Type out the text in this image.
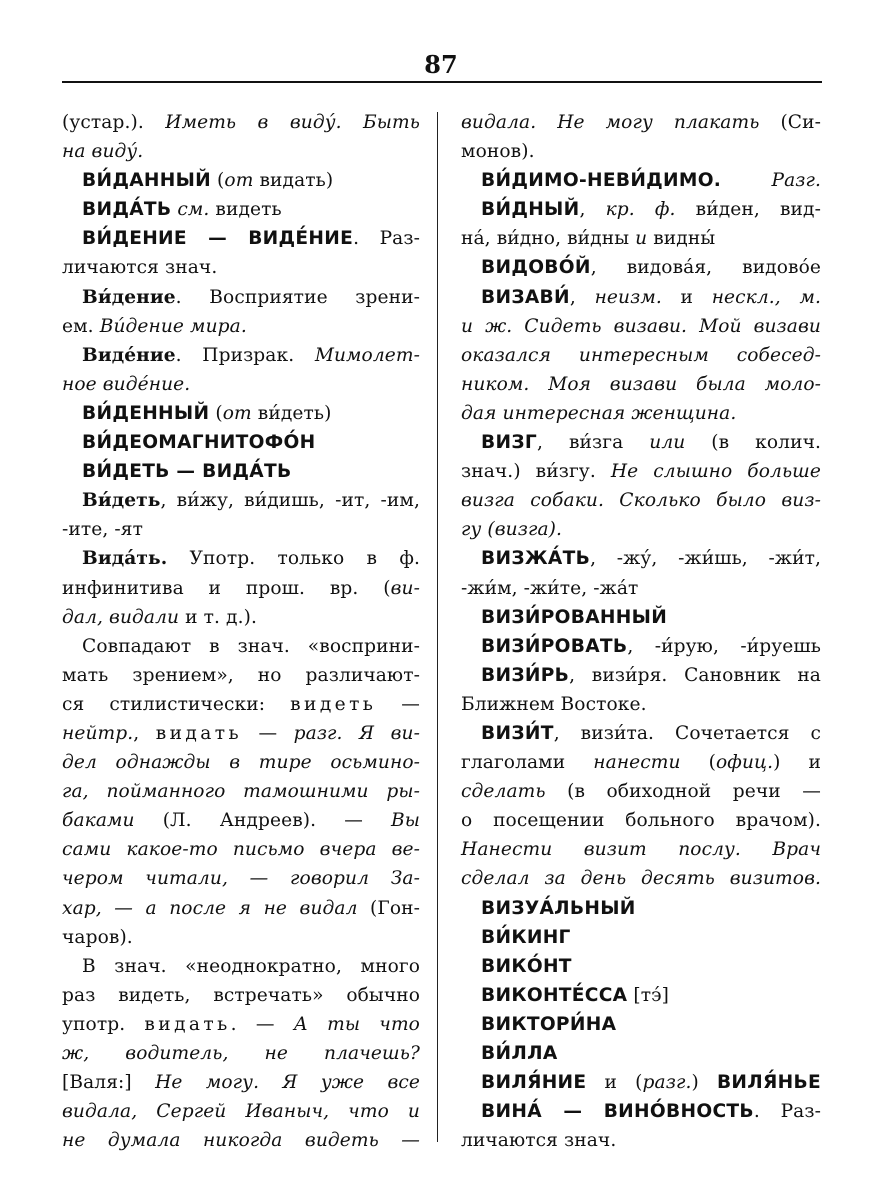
87
(устар.). Иметь в виду́. Быть
на виду́.
ВИ́ДАННЫЙ (от видать)
ВИДА́ТЬ см. видеть
ВИ́ДЕНИЕ — ВИДЕ́НИЕ. Раз-
личаются знач.
Ви́дение. Восприятие зрени-
ем. Ви́дение мира.
Виде́ние. Призрак. Мимолет-
ное виде́ние.
ВИ́ДЕННЫЙ (от ви́деть)
ВИ́ДЕОМАГНИТОФО́Н
ВИ́ДЕТЬ — ВИДА́ТЬ
Ви́деть, ви́жу, ви́дишь, -ит, -им,
-ите, -ят
Вида́ть. Употр. только в ф.
инфинитива и прош. вр. (ви-
дал, видали и т. д.).
Совпадают в знач. «восприни-
мать зрением», но различают-
ся стилистически: видеть —
нейтр., видать — разг. Я ви-
дел однажды в тире осьмино-
га, пойманного тамошними ры-
баками (Л. Андреев). — Вы
сами какое-то письмо вчера ве-
чером читали, — говорил За-
хар, — а после я не видал (Гон-
чаров).
В знач. «неоднократно, много
раз видеть, встречать» обычно
употр. видать. — А ты что
ж, водитель, не плачешь?
[Валя:] Не могу. Я уже все
видала, Сергей Иваныч, что и
не думала никогда видеть —
видала. Не могу плакать (Си-
монов).
ВИ́ДИМО-НЕВИ́ДИМО.	Разг.
ВИ́ДНЫЙ, кр. ф. ви́ден, вид-
на́, ви́дно, ви́дны и видны́
ВИДОВО́Й, видова́я, видово́е
ВИЗАВИ́, неизм. и нескл., м.
и ж. Сидеть визави. Мой визави
оказался интересным собесед-
ником. Моя визави была моло-
дая интересная женщина.
ВИЗГ, ви́зга или (в колич.
знач.) ви́згу. Не слышно больше
визга собаки. Сколько было виз-
гу (визга).
ВИЗЖА́ТЬ, -жу́, -жи́шь, -жи́т,
-жи́м, -жи́те, -жа́т
ВИЗИ́РОВАННЫЙ
ВИЗИ́РОВАТЬ, -и́рую, -и́руешь
ВИЗИ́РЬ, визи́ря. Сановник на
Ближнем Востоке.
ВИЗИ́Т, визи́та. Сочетается с
глаголами нанести (офиц.) и
сделать (в обиходной речи —
о посещении больного врачом).
Нанести визит послу. Врач
сделал за день десять визитов.
ВИЗУА́ЛЬНЫЙ
ВИ́КИНГ
ВИКО́НТ
ВИКОНТЕ́ССА [тэ́]
ВИКТОРИ́НА
ВИ́ЛЛА
ВИЛЯ́НИЕ и (разг.) ВИЛЯ́НЬЕ
ВИНА́ — ВИНО́ВНОСТЬ. Раз-
личаются знач.
